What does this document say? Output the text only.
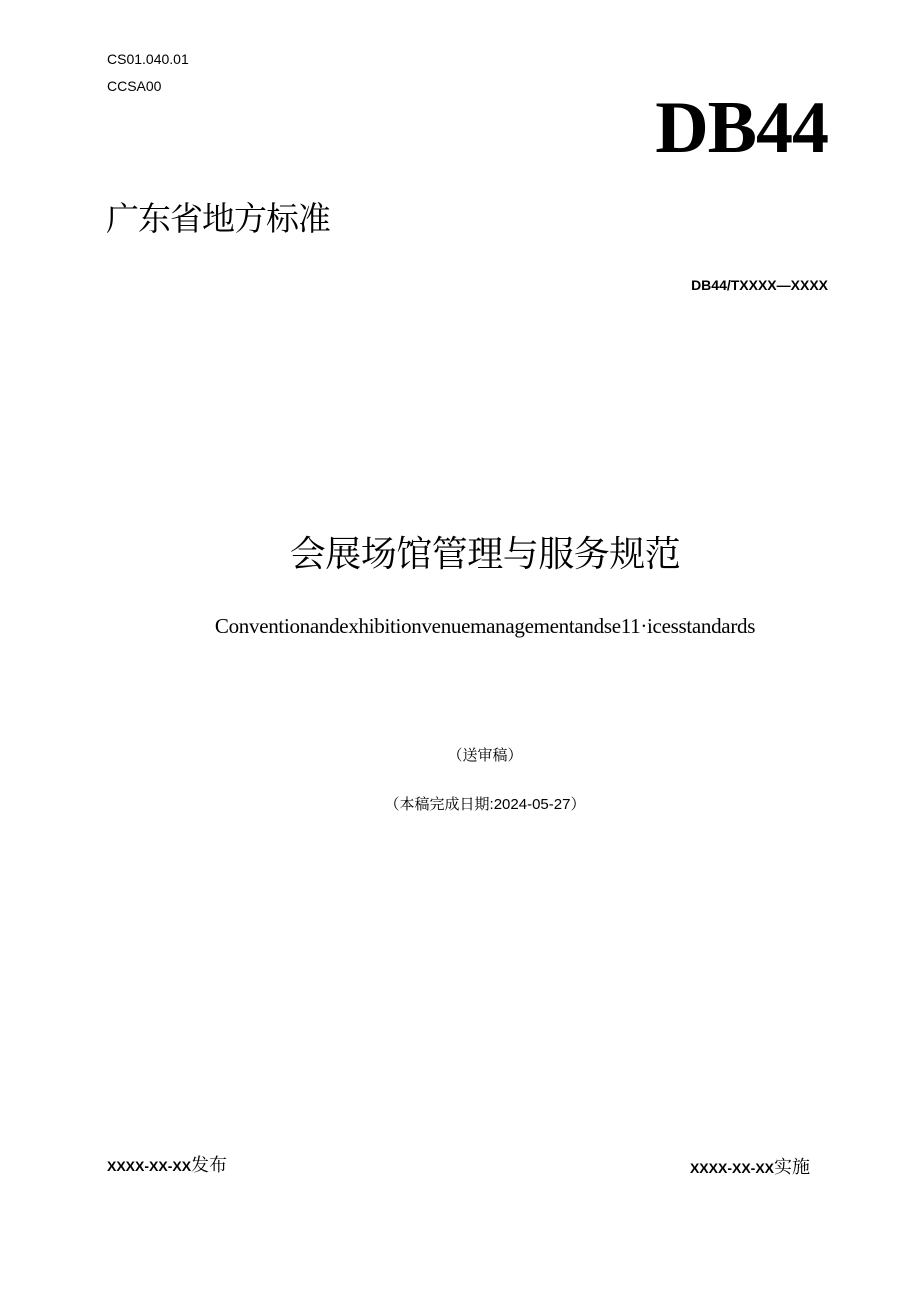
CS01.040.01
CCSA00
DB44
广东省地方标准
DB44/TXXXX—XXXX
会展场馆管理与服务规范
Conventionandexhibitionvenuemanagementandse11·icesstandards
（送审稿）
（本稿完成日期:2024-05-27）
XXXX-XX-XX发布	XXXX-XX-XX实施
